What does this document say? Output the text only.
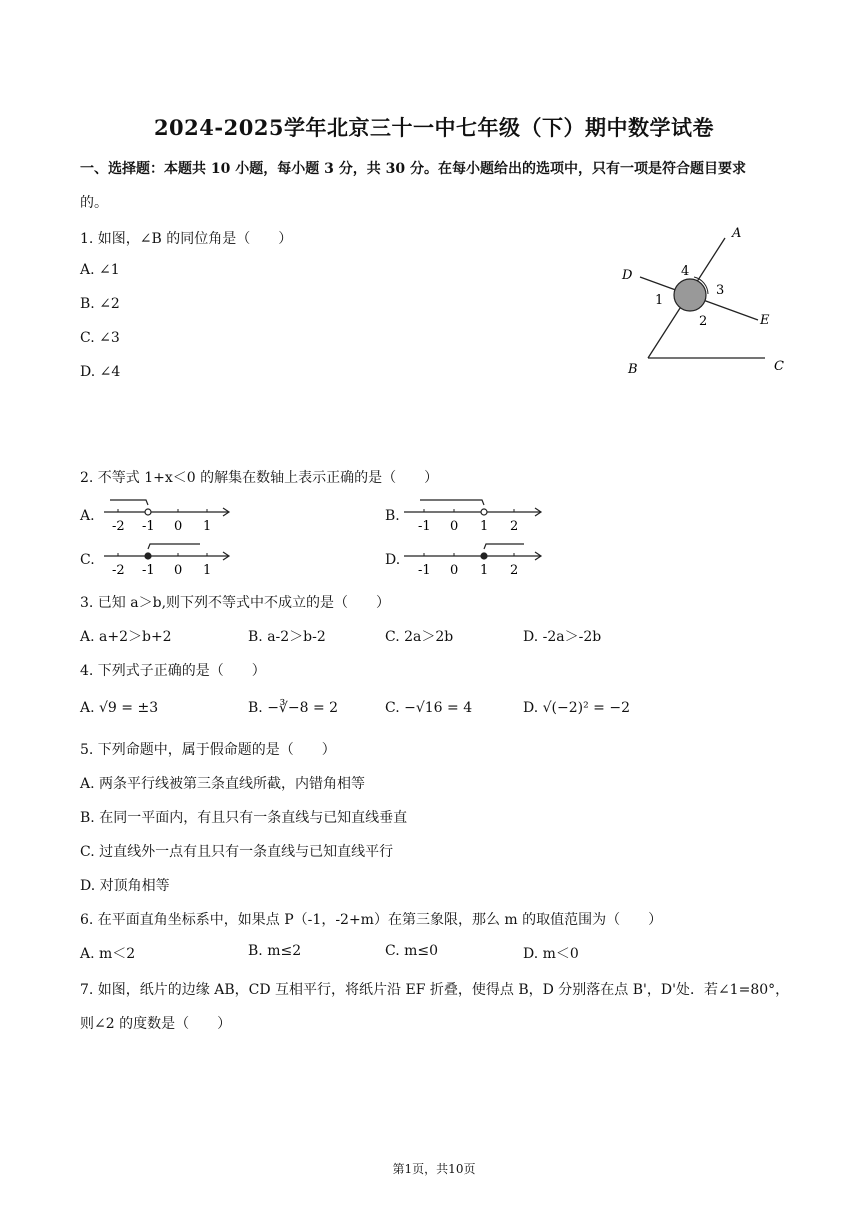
2024-2025学年北京三十一中七年级（下）期中数学试卷
一、选择题：本题共 10 小题，每小题 3 分，共 30 分。在每小题给出的选项中，只有一项是符合题目要求
的。
1. 如图，∠B 的同位角是（　　）
A. ∠1
B. ∠2
C. ∠3
D. ∠4
A
D
E
B	C
1
2
3
4
2. 不等式 1+x＜0 的解集在数轴上表示正确的是（　　）
A.
-2 -1 0 1
B.
-1 0 1 2
C.
-2 -1 0 1
D.
-1 0 1 2
3. 已知 a＞b,则下列不等式中不成立的是（　　）
A. a+2＞b+2	B. a-2＞b-2	C. 2a＞2b	D. -2a＞-2b
4. 下列式子正确的是（　　）
A. √9 = ±3	B. −∛−8 = 2	C. −√16 = 4	D. √(−2)² = −2
5. 下列命题中，属于假命题的是（　　）
A. 两条平行线被第三条直线所截，内错角相等
B. 在同一平面内，有且只有一条直线与已知直线垂直
C. 过直线外一点有且只有一条直线与已知直线平行
D. 对顶角相等
6. 在平面直角坐标系中，如果点 P（-1，-2+m）在第三象限，那么 m 的取值范围为（　　）
A. m＜2	B. m≤2	C. m≤0	D. m＜0
7. 如图，纸片的边缘 AB，CD 互相平行，将纸片沿 EF 折叠，使得点 B，D 分别落在点 B'，D'处．若∠1=80°，
则∠2 的度数是（　　）
第1页，共10页
